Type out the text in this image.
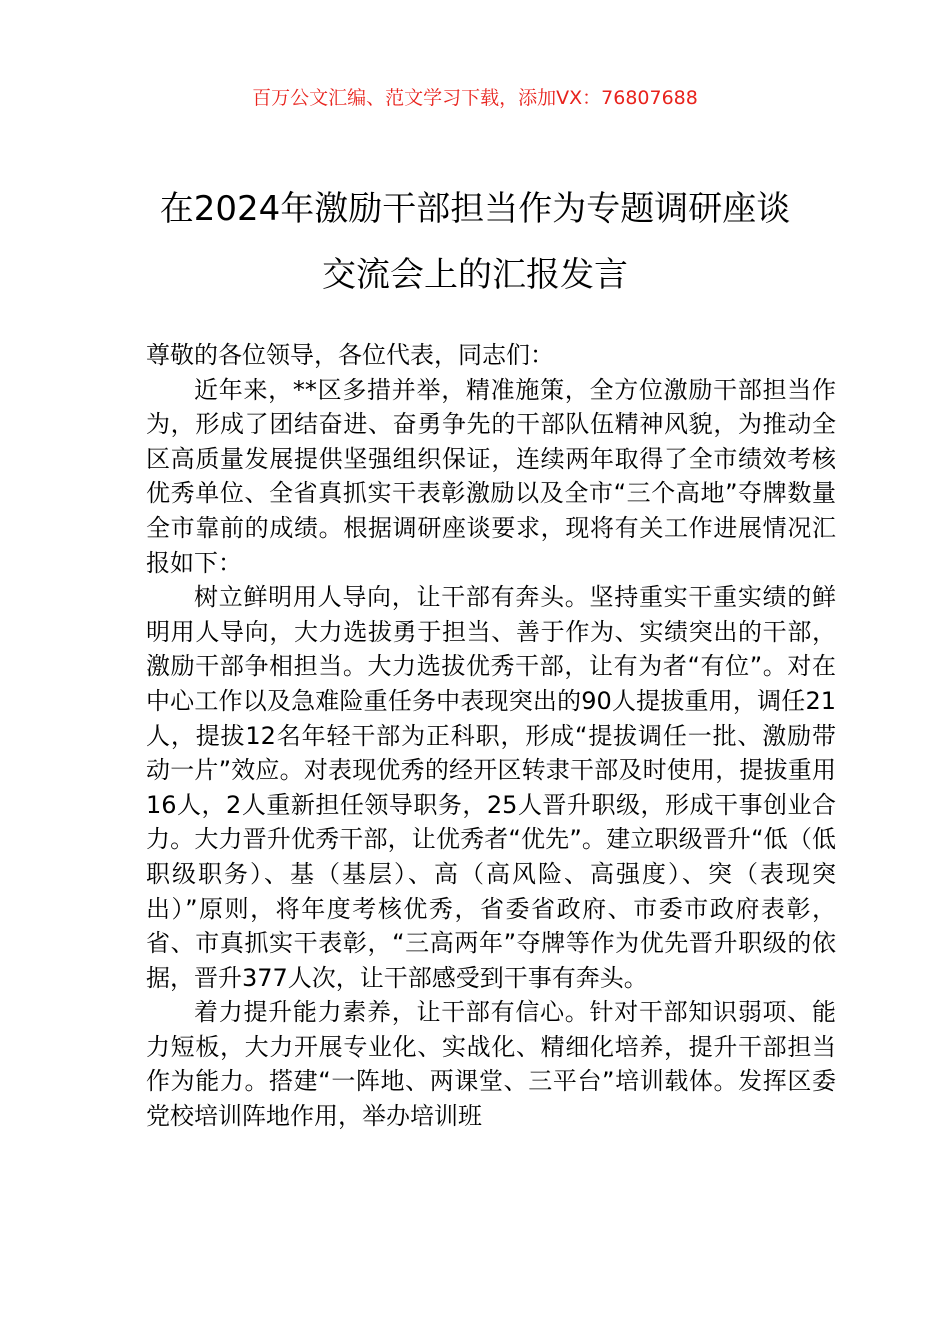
百万公文汇编、范文学习下载，添加VX：76807688
在2024年激励干部担当作为专题调研座谈
交流会上的汇报发言

尊敬的各位领导，各位代表，同志们：

近年来，**区多措并举，精准施策，全方位激励干部担当作为，形成了团结奋进、奋勇争先的干部队伍精神风貌，为推动全区高质量发展提供坚强组织保证，连续两年取得了全市绩效考核优秀单位、全省真抓实干表彰激励以及全市“三个高地”夺牌数量全市靠前的成绩。根据调研座谈要求，现将有关工作进展情况汇报如下：

树立鲜明用人导向，让干部有奔头。坚持重实干重实绩的鲜明用人导向，大力选拔勇于担当、善于作为、实绩突出的干部，激励干部争相担当。大力选拔优秀干部，让有为者“有位”。对在中心工作以及急难险重任务中表现突出的90人提拔重用，调任21人，提拔12名年轻干部为正科职，形成“提拔调任一批、激励带动一片”效应。对表现优秀的经开区转隶干部及时使用，提拔重用16人，2人重新担任领导职务，25人晋升职级，形成干事创业合力。大力晋升优秀干部，让优秀者“优先”。建立职级晋升“低（低职级职务）、基（基层）、高（高风险、高强度）、突（表现突出）”原则，将年度考核优秀，省委省政府、市委市政府表彰，省、市真抓实干表彰，“三高两年”夺牌等作为优先晋升职级的依据，晋升377人次，让干部感受到干事有奔头。

着力提升能力素养，让干部有信心。针对干部知识弱项、能力短板，大力开展专业化、实战化、精细化培养，提升干部担当作为能力。搭建“一阵地、两课堂、三平台”培训载体。发挥区委党校培训阵地作用，举办培训班
